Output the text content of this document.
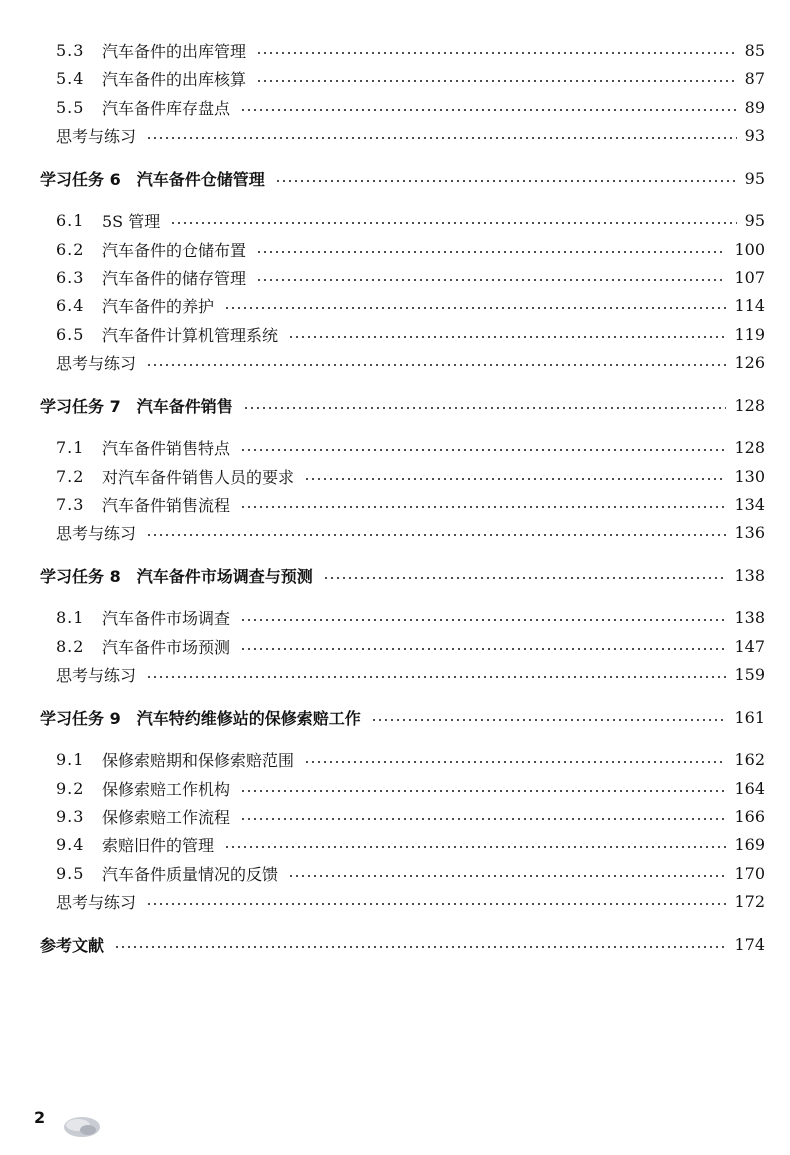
5.3	汽车备件的出库管理	85
5.4	汽车备件的出库核算	87
5.5	汽车备件库存盘点	89
思考与练习	93
学习任务 6　汽车备件仓储管理	95
6.1	5S 管理	95
6.2	汽车备件的仓储布置	100
6.3	汽车备件的储存管理	107
6.4	汽车备件的养护	114
6.5	汽车备件计算机管理系统	119
思考与练习	126
学习任务 7　汽车备件销售	128
7.1	汽车备件销售特点	128
7.2	对汽车备件销售人员的要求	130
7.3	汽车备件销售流程	134
思考与练习	136
学习任务 8　汽车备件市场调查与预测	138
8.1	汽车备件市场调查	138
8.2	汽车备件市场预测	147
思考与练习	159
学习任务 9　汽车特约维修站的保修索赔工作	161
9.1	保修索赔期和保修索赔范围	162
9.2	保修索赔工作机构	164
9.3	保修索赔工作流程	166
9.4	索赔旧件的管理	169
9.5	汽车备件质量情况的反馈	170
思考与练习	172
参考文献	174
2
